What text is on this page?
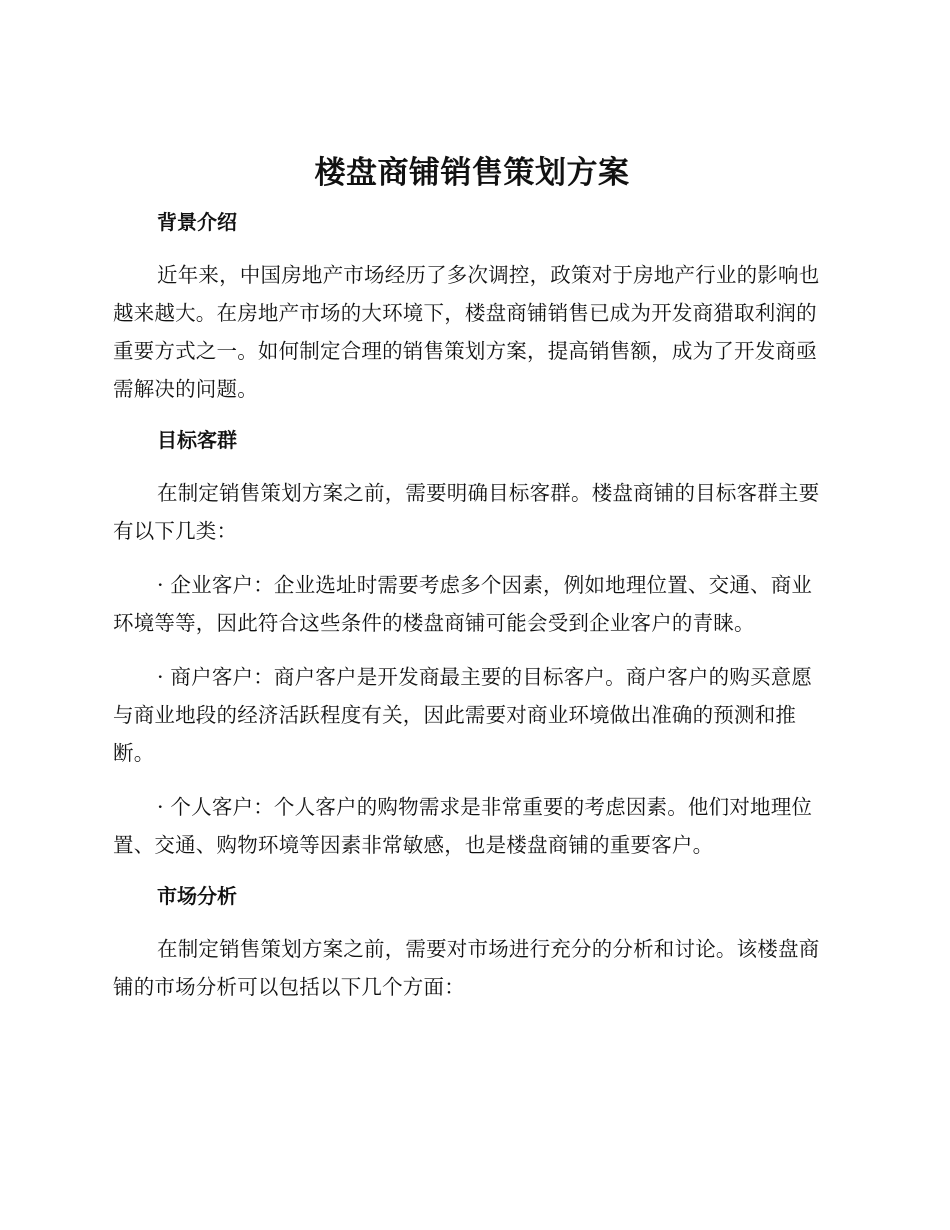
楼盘商铺销售策划方案
背景介绍

近年来，中国房地产市场经历了多次调控，政策对于房地产行业的影响也越来越大。在房地产市场的大环境下，楼盘商铺销售已成为开发商猎取利润的重要方式之一。如何制定合理的销售策划方案，提高销售额，成为了开发商亟需解决的问题。

目标客群

在制定销售策划方案之前，需要明确目标客群。楼盘商铺的目标客群主要有以下几类：

· 企业客户：企业选址时需要考虑多个因素，例如地理位置、交通、商业环境等等，因此符合这些条件的楼盘商铺可能会受到企业客户的青睐。

· 商户客户：商户客户是开发商最主要的目标客户。商户客户的购买意愿与商业地段的经济活跃程度有关，因此需要对商业环境做出准确的预测和推断。

· 个人客户：个人客户的购物需求是非常重要的考虑因素。他们对地理位置、交通、购物环境等因素非常敏感，也是楼盘商铺的重要客户。

市场分析

在制定销售策划方案之前，需要对市场进行充分的分析和讨论。该楼盘商铺的市场分析可以包括以下几个方面：
